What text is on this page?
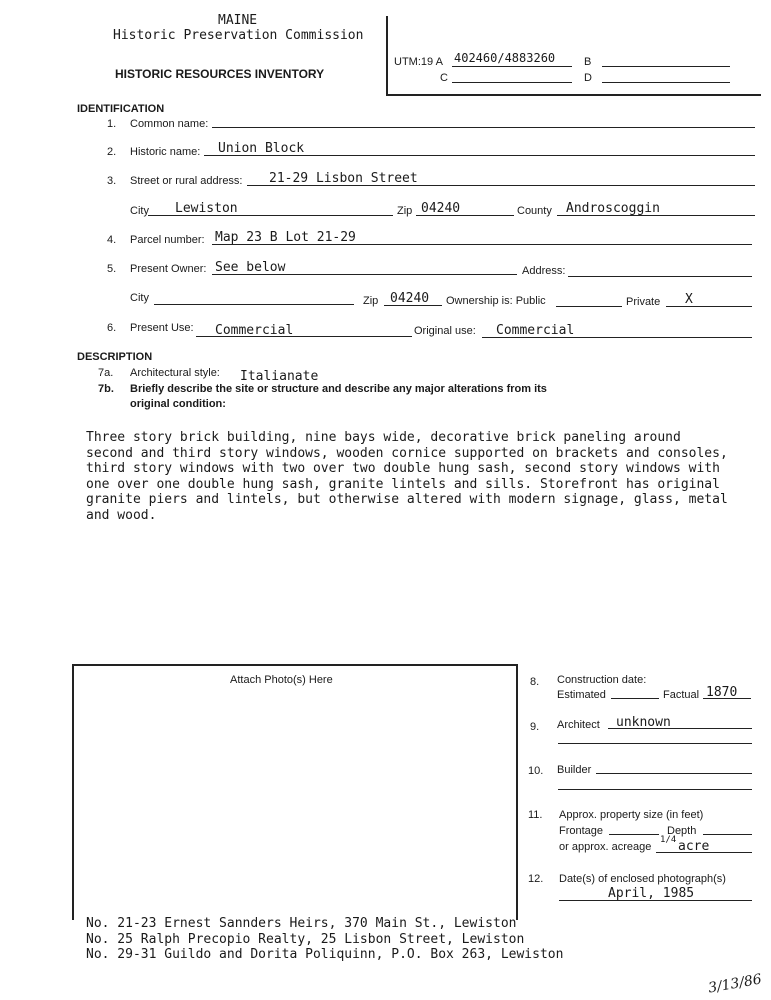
MAINE
Historic Preservation Commission
HISTORIC RESOURCES INVENTORY
UTM:19 A 402460/4883260	B
C	D
IDENTIFICATION
1. Common name:
2. Historic name: Union Block
3. Street or rural address: 21-29 Lisbon Street
City Lewiston	Zip 04240	County Androscoggin
4. Parcel number: Map 23 B Lot 21-29
5. Present Owner: See below	Address:
City	Zip 04240 Ownership is: Public	Private X
6. Present Use: Commercial	Original use: Commercial
DESCRIPTION
7a. Architectural style: Italianate
7b. Briefly describe the site or structure and describe any major alterations from its
original condition:
Three story brick building, nine bays wide, decorative brick paneling around
second and third story windows, wooden cornice supported on brackets and consoles,
third story windows with two over two double hung sash, second story windows with
one over one double hung sash, granite lintels and sills. Storefront has original
granite piers and lintels, but otherwise altered with modern signage, glass, metal
and wood.
Attach Photo(s) Here	8. Construction date:
Estimated	Factual 1870
9. Architect unknown
10. Builder
11. Approx. property size (in feet)
Frontage	Depth
or approx. acreage
1/4 acre
12. Date(s) of enclosed photograph(s)
April, 1985
No. 21-23 Ernest Sannders Heirs, 370 Main St., Lewiston
No. 25 Ralph Precopio Realty, 25 Lisbon Street, Lewiston
No. 29-31 Guildo and Dorita Poliquinn, P.O. Box 263, Lewiston
3/13/86
